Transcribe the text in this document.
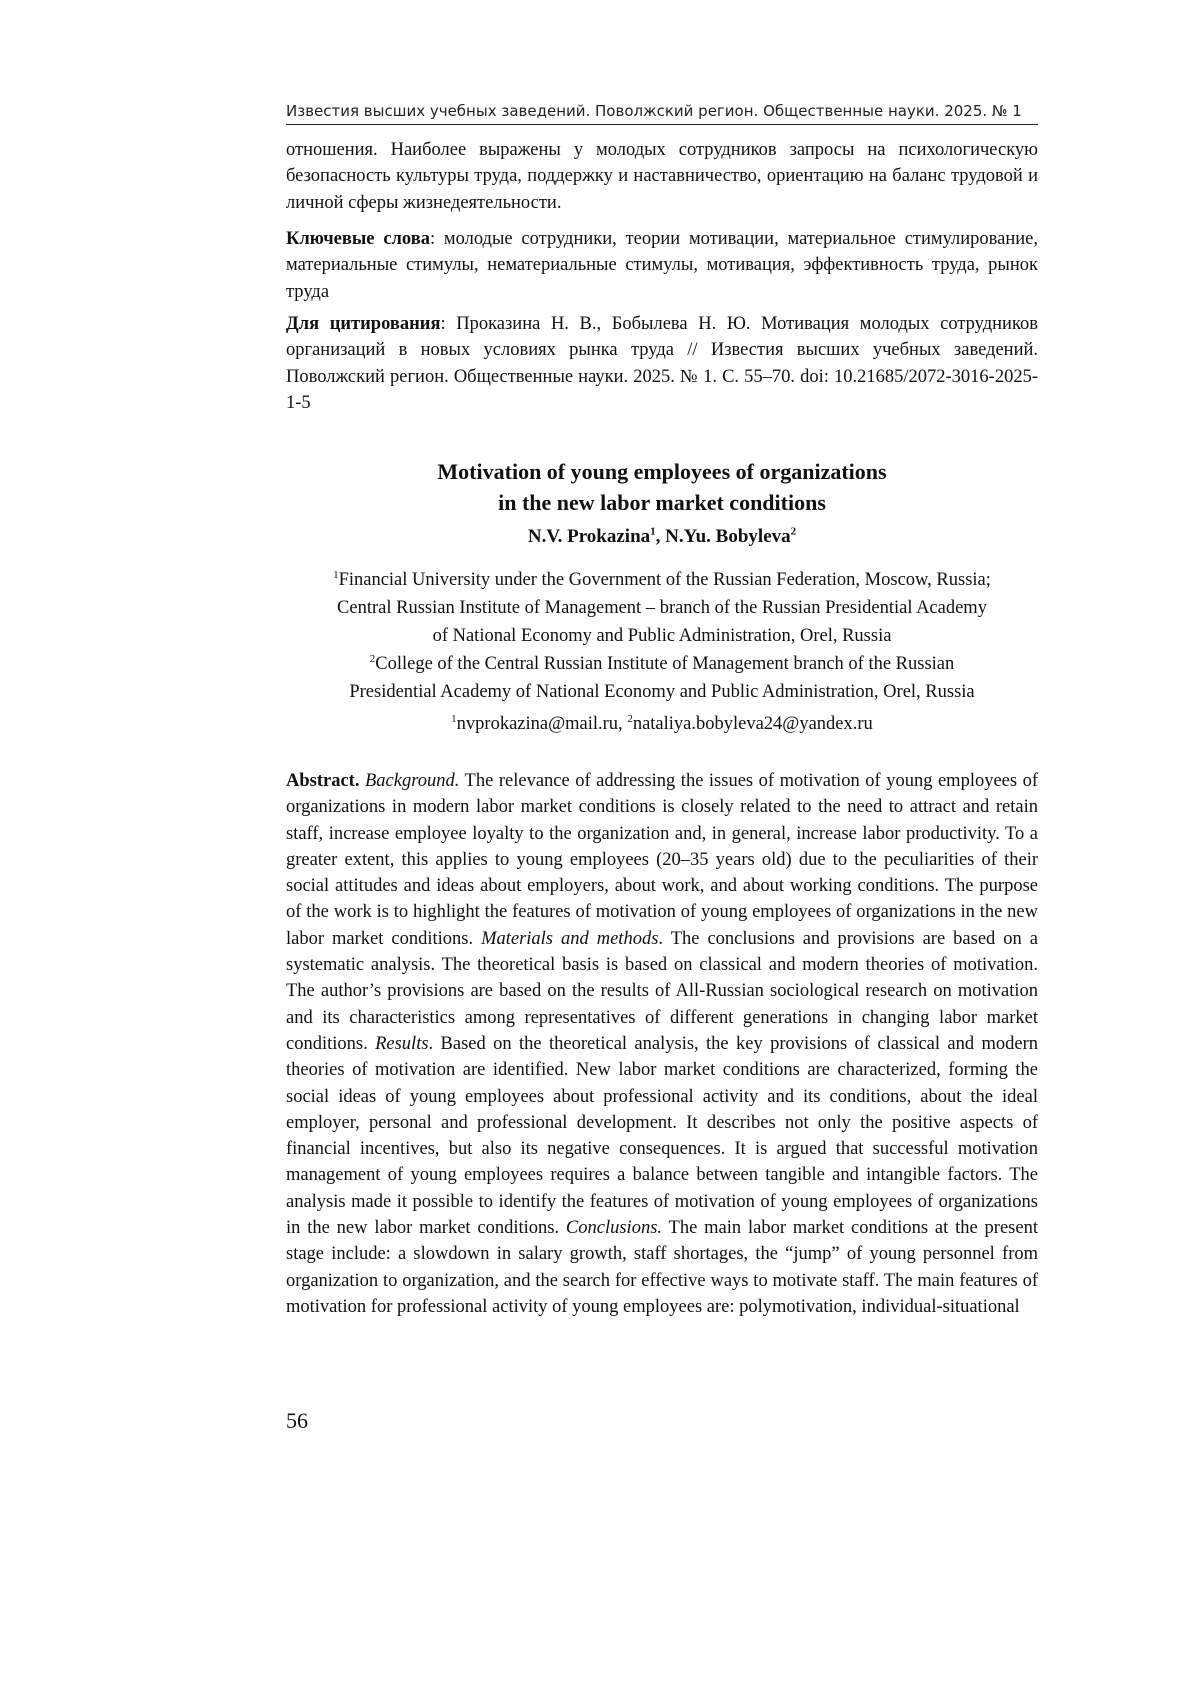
Известия высших учебных заведений. Поволжский регион. Общественные науки. 2025. № 1

отношения. Наиболее выражены у молодых сотрудников запросы на психологическую безопасность культуры труда, поддержку и наставничество, ориентацию на баланс трудовой и личной сферы жизнедеятельности.

Ключевые слова: молодые сотрудники, теории мотивации, материальное стимулирование, материальные стимулы, нематериальные стимулы, мотивация, эффективность труда, рынок труда

Для цитирования: Проказина Н. В., Бобылева Н. Ю. Мотивация молодых сотрудников организаций в новых условиях рынка труда // Известия высших учебных заведений. Поволжский регион. Общественные науки. 2025. № 1. С. 55–70. doi: 10.21685/2072-3016-2025-1-5

Motivation of young employees of organizations
in the new labor market conditions
N.V. Prokazina$^1$, N.Yu. Bobyleva$^2$

$^1$Financial University under the Government of the Russian Federation, Moscow, Russia;

Central Russian Institute of Management – branch of the Russian Presidential Academy

of National Economy and Public Administration, Orel, Russia

$^2$College of the Central Russian Institute of Management branch of the Russian

Presidential Academy of National Economy and Public Administration, Orel, Russia

$^1$nvprokazina@mail.ru, $^2$nataliya.bobyleva24@yandex.ru

Abstract. Background. The relevance of addressing the issues of motivation of young employees of organizations in modern labor market conditions is closely related to the need to attract and retain staff, increase employee loyalty to the organization and, in general, increase labor productivity. To a greater extent, this applies to young employees (20–35 years old) due to the peculiarities of their social attitudes and ideas about employers, about work, and about working conditions. The purpose of the work is to highlight the features of motivation of young employees of organizations in the new labor market conditions. Materials and methods. The conclusions and provisions are based on a systematic analysis. The theoretical basis is based on classical and modern theories of motivation. The author’s provisions are based on the results of All-Russian sociological research on motivation and its characteristics among representatives of different generations in changing labor market conditions. Results. Based on the theoretical analysis, the key provisions of classical and modern theories of motivation are identified. New labor market conditions are characterized, forming the social ideas of young employees about professional activity and its conditions, about the ideal employer, personal and professional development. It describes not only the positive aspects of financial incentives, but also its negative consequences. It is argued that successful motivation management of young employees requires a balance between tangible and intangible factors. The analysis made it possible to identify the features of motivation of young employees of organizations in the new labor market conditions. Conclusions. The main labor market conditions at the present stage include: a slowdown in salary growth, staff shortages, the “jump” of young personnel from organization to organization, and the search for effective ways to motivate staff. The main features of motivation for professional activity of young employees are: polymotivation, individual-situational

56
